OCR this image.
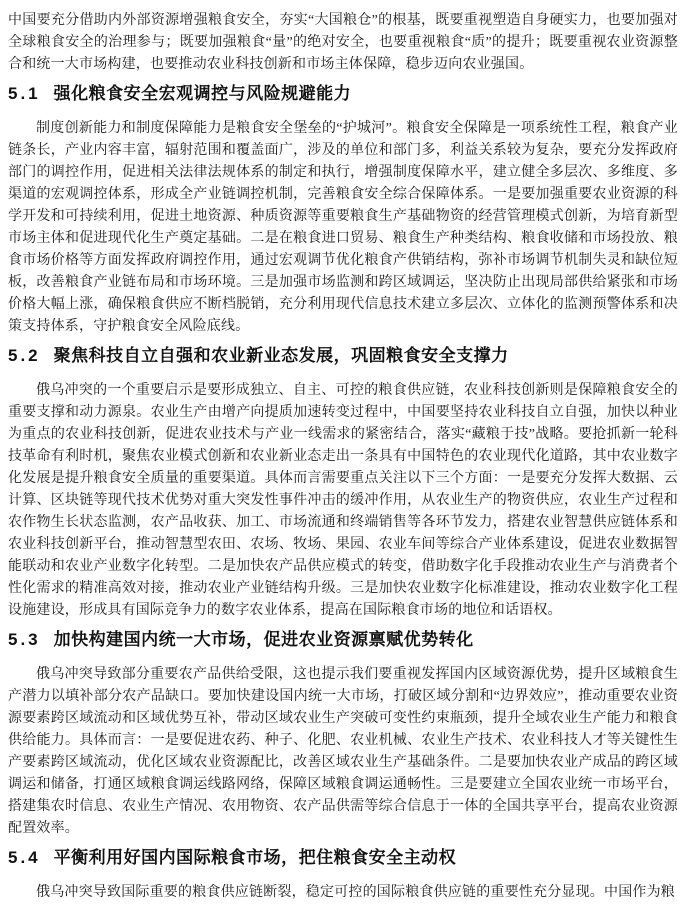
中国要充分借助内外部资源增强粮食安全，夯实“大国粮仓”的根基，既要重视塑造自身硬实力，也要加强对全球粮食安全的治理参与；既要加强粮食“量”的绝对安全，也要重视粮食“质”的提升；既要重视农业资源整合和统一大市场构建，也要推动农业科技创新和市场主体保障，稳步迈向农业强国。

5.1 强化粮食安全宏观调控与风险规避能力

制度创新能力和制度保障能力是粮食安全堡垒的“护城河”。粮食安全保障是一项系统性工程，粮食产业链条长，产业内容丰富，辐射范围和覆盖面广，涉及的单位和部门多，利益关系较为复杂，要充分发挥政府部门的调控作用，促进相关法律法规体系的制定和执行，增强制度保障水平，建立健全多层次、多维度、多渠道的宏观调控体系，形成全产业链调控机制，完善粮食安全综合保障体系。一是要加强重要农业资源的科学开发和可持续利用，促进土地资源、种质资源等重要粮食生产基础物资的经营管理模式创新，为培育新型市场主体和促进现代化生产奠定基础。二是在粮食进口贸易、粮食生产种类结构、粮食收储和市场投放、粮食市场价格等方面发挥政府调控作用，通过宏观调节优化粮食产供销结构，弥补市场调节机制失灵和缺位短板，改善粮食产业链布局和市场环境。三是加强市场监测和跨区域调运，坚决防止出现局部供给紧张和市场价格大幅上涨，确保粮食供应不断档脱销，充分利用现代信息技术建立多层次、立体化的监测预警体系和决策支持体系，守护粮食安全风险底线。

5.2 聚焦科技自立自强和农业新业态发展，巩固粮食安全支撑力

俄乌冲突的一个重要启示是要形成独立、自主、可控的粮食供应链，农业科技创新则是保障粮食安全的重要支撑和动力源泉。农业生产由增产向提质加速转变过程中，中国要坚持农业科技自立自强，加快以种业为重点的农业科技创新，促进农业技术与产业一线需求的紧密结合，落实“藏粮于技”战略。要抢抓新一轮科技革命有利时机，聚焦农业模式创新和农业新业态走出一条具有中国特色的农业现代化道路，其中农业数字化发展是提升粮食安全质量的重要渠道。具体而言需要重点关注以下三个方面：一是要充分发挥大数据、云计算、区块链等现代技术优势对重大突发性事件冲击的缓冲作用，从农业生产的物资供应，农业生产过程和农作物生长状态监测，农产品收获、加工、市场流通和终端销售等各环节发力，搭建农业智慧供应链体系和农业科技创新平台，推动智慧型农田、农场、牧场、果园、农业车间等综合产业体系建设，促进农业数据智能联动和农业产业数字化转型。二是加快农产品供应模式的转变，借助数字化手段推动农业生产与消费者个性化需求的精准高效对接，推动农业产业链结构升级。三是加快农业数字化标准建设，推动农业数字化工程设施建设，形成具有国际竞争力的数字农业体系，提高在国际粮食市场的地位和话语权。

5.3 加快构建国内统一大市场，促进农业资源禀赋优势转化

俄乌冲突导致部分重要农产品供给受限，这也提示我们要重视发挥国内区域资源优势，提升区域粮食生产潜力以填补部分农产品缺口。要加快建设国内统一大市场，打破区域分割和“边界效应”，推动重要农业资源要素跨区域流动和区域优势互补，带动区域农业生产突破可变性约束瓶颈，提升全域农业生产能力和粮食供给能力。具体而言：一是要促进农药、种子、化肥、农业机械、农业生产技术、农业科技人才等关键性生产要素跨区域流动，优化区域农业资源配比，改善区域农业生产基础条件。二是要加快农业产成品的跨区域调运和储备，打通区域粮食调运线路网络，保障区域粮食调运通畅性。三是要建立全国农业统一市场平台，搭建集农时信息、农业生产情况、农用物资、农产品供需等综合信息于一体的全国共享平台，提高农业资源配置效率。

5.4 平衡利用好国内国际粮食市场，把住粮食安全主动权

俄乌冲突导致国际重要的粮食供应链断裂，稳定可控的国际粮食供应链的重要性充分显现。中国作为粮
